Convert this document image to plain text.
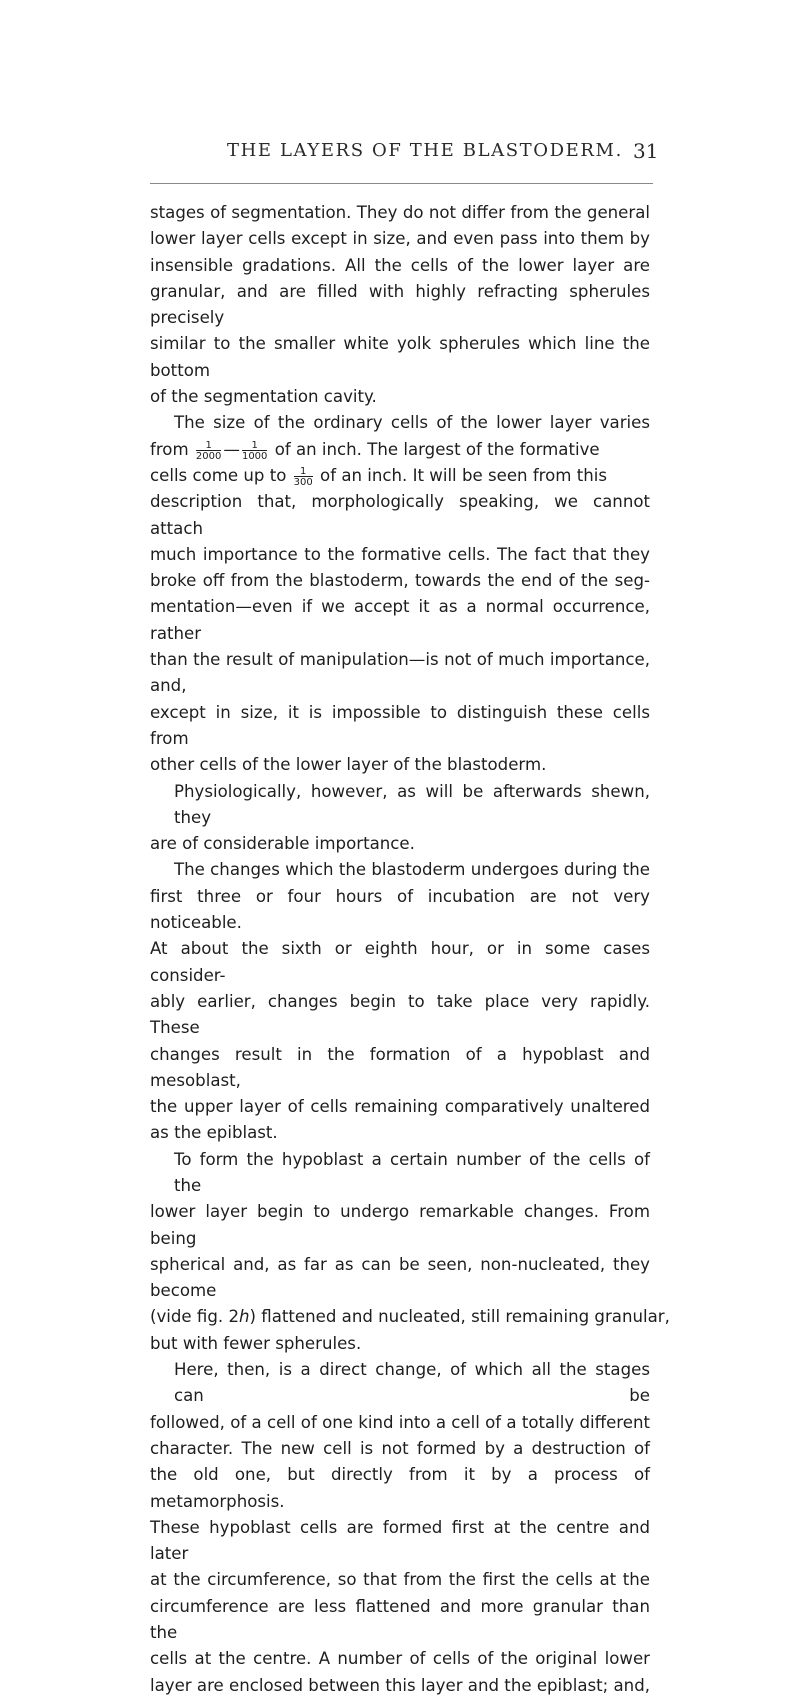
THE LAYERS OF THE BLASTODERM. 31
stages of segmentation. They do not differ from the general
lower layer cells except in size, and even pass into them by
insensible gradations. All the cells of the lower layer are
granular, and are filled with highly refracting spherules precisely
similar to the smaller white yolk spherules which line the bottom
of the segmentation cavity.
The size of the ordinary cells of the lower layer varies
from $\frac{1}{2000}$ — $\frac{1}{1000}$ of an inch. The largest of the formative
cells come up to $\frac{1}{300}$ of an inch. It will be seen from this
description that, morphologically speaking, we cannot attach
much importance to the formative cells. The fact that they
broke off from the blastoderm, towards the end of the seg-
mentation—even if we accept it as a normal occurrence, rather
than the result of manipulation—is not of much importance, and,
except in size, it is impossible to distinguish these cells from
other cells of the lower layer of the blastoderm.
Physiologically, however, as will be afterwards shewn, they
are of considerable importance.
The changes which the blastoderm undergoes during the
first three or four hours of incubation are not very noticeable.
At about the sixth or eighth hour, or in some cases consider-
ably earlier, changes begin to take place very rapidly. These
changes result in the formation of a hypoblast and mesoblast,
the upper layer of cells remaining comparatively unaltered
as the epiblast.
To form the hypoblast a certain number of the cells of the
lower layer begin to undergo remarkable changes. From being
spherical and, as far as can be seen, non-nucleated, they become
(vide fig. 2h) flattened and nucleated, still remaining granular,
but with fewer spherules.
Here, then, is a direct change, of which all the stages can be
followed, of a cell of one kind into a cell of a totally different
character. The new cell is not formed by a destruction of
the old one, but directly from it by a process of metamorphosis.
These hypoblast cells are formed first at the centre and later
at the circumference, so that from the first the cells at the
circumference are less flattened and more granular than the
cells at the centre. A number of cells of the original lower
layer are enclosed between this layer and the epiblast; and,
